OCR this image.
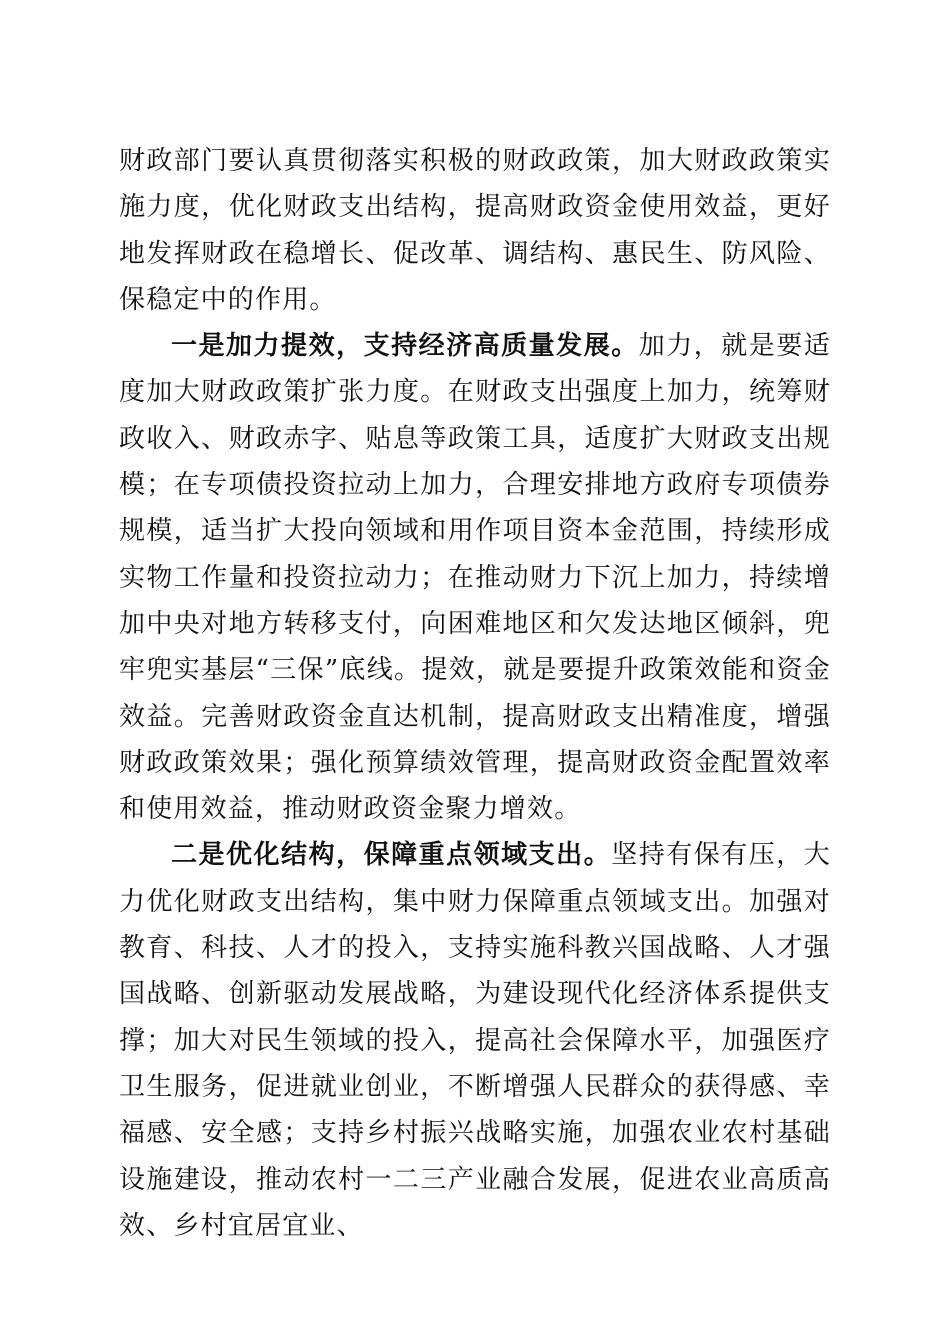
财政部门要认真贯彻落实积极的财政政策，加大财政政策实施力度，优化财政支出结构，提高财政资金使用效益，更好地发挥财政在稳增长、促改革、调结构、惠民生、防风险、保稳定中的作用。

一是加力提效，支持经济高质量发展。加力，就是要适度加大财政政策扩张力度。在财政支出强度上加力，统筹财政收入、财政赤字、贴息等政策工具，适度扩大财政支出规模；在专项债投资拉动上加力，合理安排地方政府专项债券规模，适当扩大投向领域和用作项目资本金范围，持续形成实物工作量和投资拉动力；在推动财力下沉上加力，持续增加中央对地方转移支付，向困难地区和欠发达地区倾斜，兜牢兜实基层“三保”底线。提效，就是要提升政策效能和资金效益。完善财政资金直达机制，提高财政支出精准度，增强财政政策效果；强化预算绩效管理，提高财政资金配置效率和使用效益，推动财政资金聚力增效。

二是优化结构，保障重点领域支出。坚持有保有压，大力优化财政支出结构，集中财力保障重点领域支出。加强对教育、科技、人才的投入，支持实施科教兴国战略、人才强国战略、创新驱动发展战略，为建设现代化经济体系提供支撑；加大对民生领域的投入，提高社会保障水平，加强医疗卫生服务，促进就业创业，不断增强人民群众的获得感、幸福感、安全感；支持乡村振兴战略实施，加强农业农村基础设施建设，推动农村一二三产业融合发展，促进农业高质高效、乡村宜居宜业、
